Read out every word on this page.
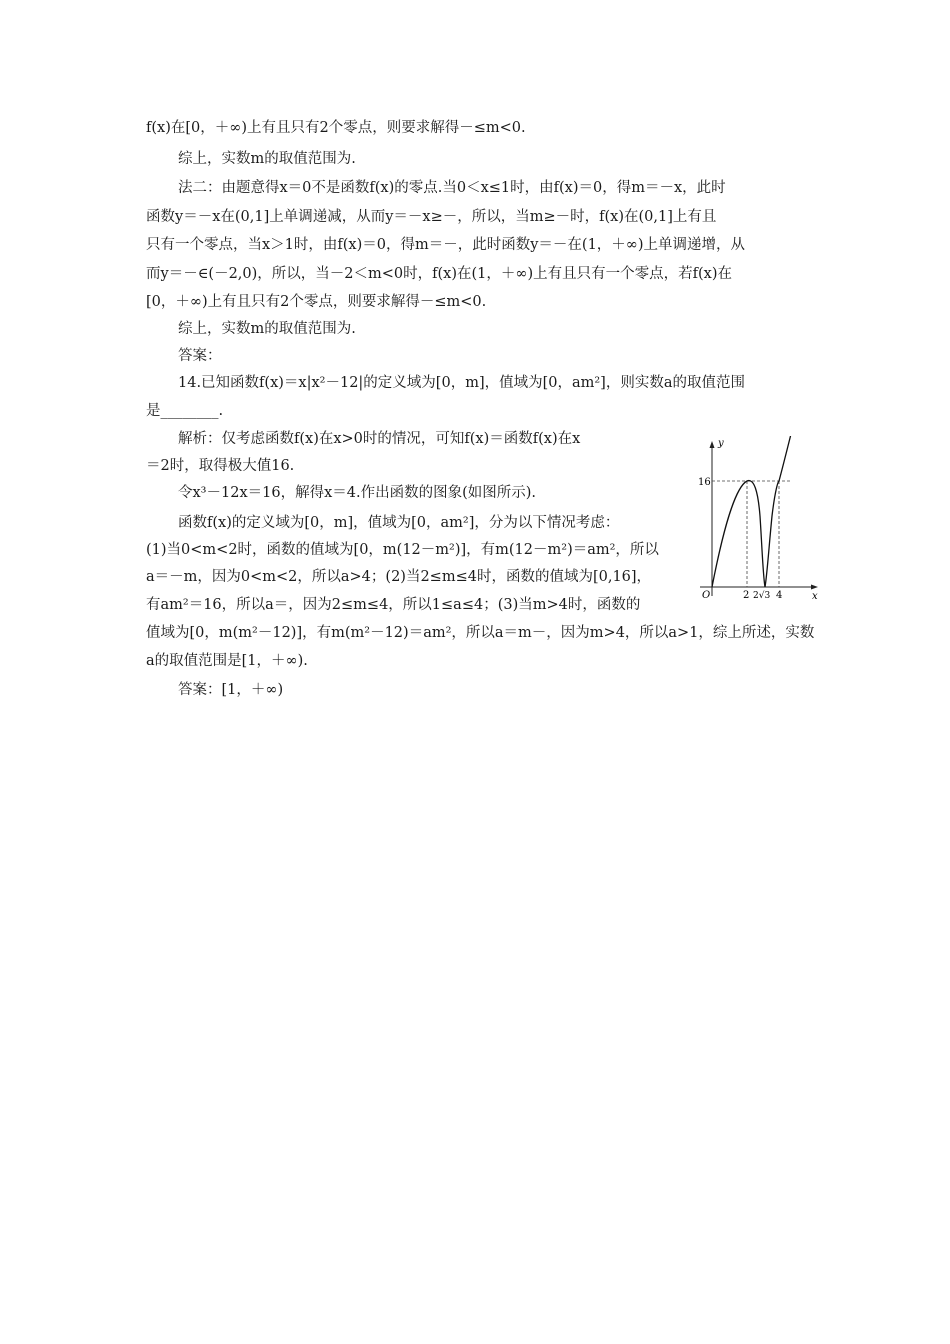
f(x)在[0，＋∞)上有且只有2个零点，则要求解得－≤m<0.
综上，实数m的取值范围为.
法二：由题意得x＝0不是函数f(x)的零点.当0＜x≤1时，由f(x)＝0，得m＝－x，此时
函数y＝－x在(0,1]上单调递减，从而y＝－x≥－，所以，当m≥－时，f(x)在(0,1]上有且
只有一个零点，当x＞1时，由f(x)＝0，得m＝－，此时函数y＝－在(1，＋∞)上单调递增，从
而y＝－∈(－2,0)，所以，当－2＜m<0时，f(x)在(1，＋∞)上有且只有一个零点，若f(x)在
[0，＋∞)上有且只有2个零点，则要求解得－≤m<0.
综上，实数m的取值范围为.
答案：
14.已知函数f(x)＝x|x²－12|的定义域为[0，m]，值域为[0，am²]，则实数a的取值范围
是________.
解析：仅考虑函数f(x)在x>0时的情况，可知f(x)＝函数f(x)在x
＝2时，取得极大值16.
令x³－12x＝16，解得x＝4.作出函数的图象(如图所示).
函数f(x)的定义域为[0，m]，值域为[0，am²]，分为以下情况考虑：
(1)当0<m<2时，函数的值域为[0，m(12－m²)]，有m(12－m²)＝am²，所以
a＝－m，因为0<m<2，所以a>4；(2)当2≤m≤4时，函数的值域为[0,16]，
有am²＝16，所以a＝，因为2≤m≤4，所以1≤a≤4；(3)当m>4时，函数的
值域为[0，m(m²－12)]，有m(m²－12)＝am²，所以a＝m－，因为m>4，所以a>1，综上所述，实数
a的取值范围是[1，＋∞).
答案：[1，＋∞)
y
x
O
16
2 2√3 4
